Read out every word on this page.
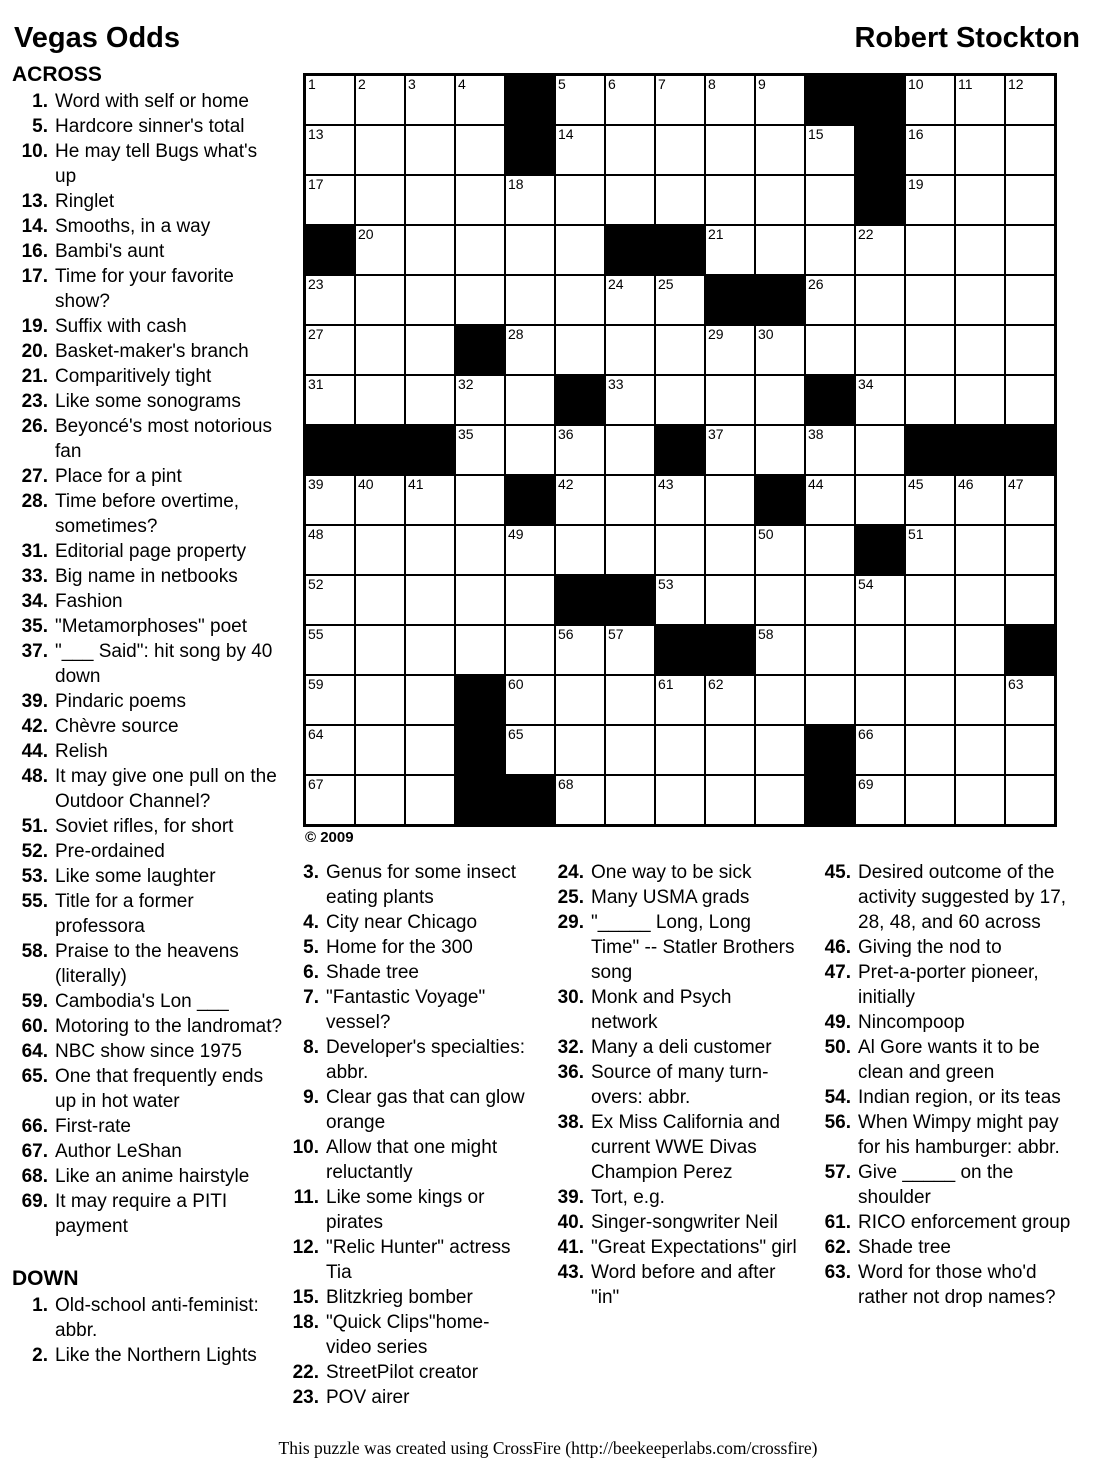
Vegas Odds	Robert Stockton
ACROSS
1. Word with self or home
5. Hardcore sinner's total
10. He may tell Bugs what's up
13. Ringlet
14. Smooths, in a way
16. Bambi's aunt
17. Time for your favorite show?
19. Suffix with cash
20. Basket-maker's branch
21. Comparitively tight
23. Like some sonograms
26. Beyoncé's most notorious fan
27. Place for a pint
28. Time before overtime, sometimes?
31. Editorial page property
33. Big name in netbooks
34. Fashion
35. "Metamorphoses" poet
37. "___ Said": hit song by 40 down
39. Pindaric poems
42. Chèvre source
44. Relish
48. It may give one pull on the Outdoor Channel?
51. Soviet rifles, for short
52. Pre-ordained
53. Like some laughter
55. Title for a former professora
58. Praise to the heavens (literally)
59. Cambodia's Lon ___
60. Motoring to the landromat?
64. NBC show since 1975
65. One that frequently ends up in hot water
66. First-rate
67. Author LeShan
68. Like an anime hairstyle
69. It may require a PITI payment
DOWN
1. Old-school anti-feminist: abbr.
2. Like the Northern Lights
1	2	3	4	5	6	7	8	9	10 11	12
13	14	15	16
17	18	19
20	21	22
23	24 25	26
27	28	29 30
31	32	33	34
35	36	37	38
39 40 41	42	43	44	45 46 47
48	49	50	51
52	53	54
55	56 57	58
59	60	61 62	63
64	65	66
67	68	69
© 2009
3. Genus for some insect eating plants
4. City near Chicago
5. Home for the 300
6. Shade tree
7. "Fantastic Voyage" vessel?
8. Developer's specialties: abbr.
9. Clear gas that can glow orange
10. Allow that one might reluctantly
11. Like some kings or pirates
12. "Relic Hunter" actress Tia
15. Blitzkrieg bomber
18. "Quick Clips"home-video series
22. StreetPilot creator
23. POV airer
24. One way to be sick
25. Many USMA grads
29. "_____ Long, Long Time" -- Statler Brothers song
30. Monk and Psych network
32. Many a deli customer
36. Source of many turn-overs: abbr.
38. Ex Miss California and current WWE Divas Champion Perez
39. Tort, e.g.
40. Singer-songwriter Neil
41. "Great Expectations" girl
43. Word before and after "in"
45. Desired outcome of the activity suggested by 17, 28, 48, and 60 across
46. Giving the nod to
47. Pret-a-porter pioneer, initially
49. Nincompoop
50. Al Gore wants it to be clean and green
54. Indian region, or its teas
56. When Wimpy might pay for his hamburger: abbr.
57. Give _____ on the shoulder
61. RICO enforcement group
62. Shade tree
63. Word for those who'd rather not drop names?
This puzzle was created using CrossFire (http://beekeeperlabs.com/crossfire)
